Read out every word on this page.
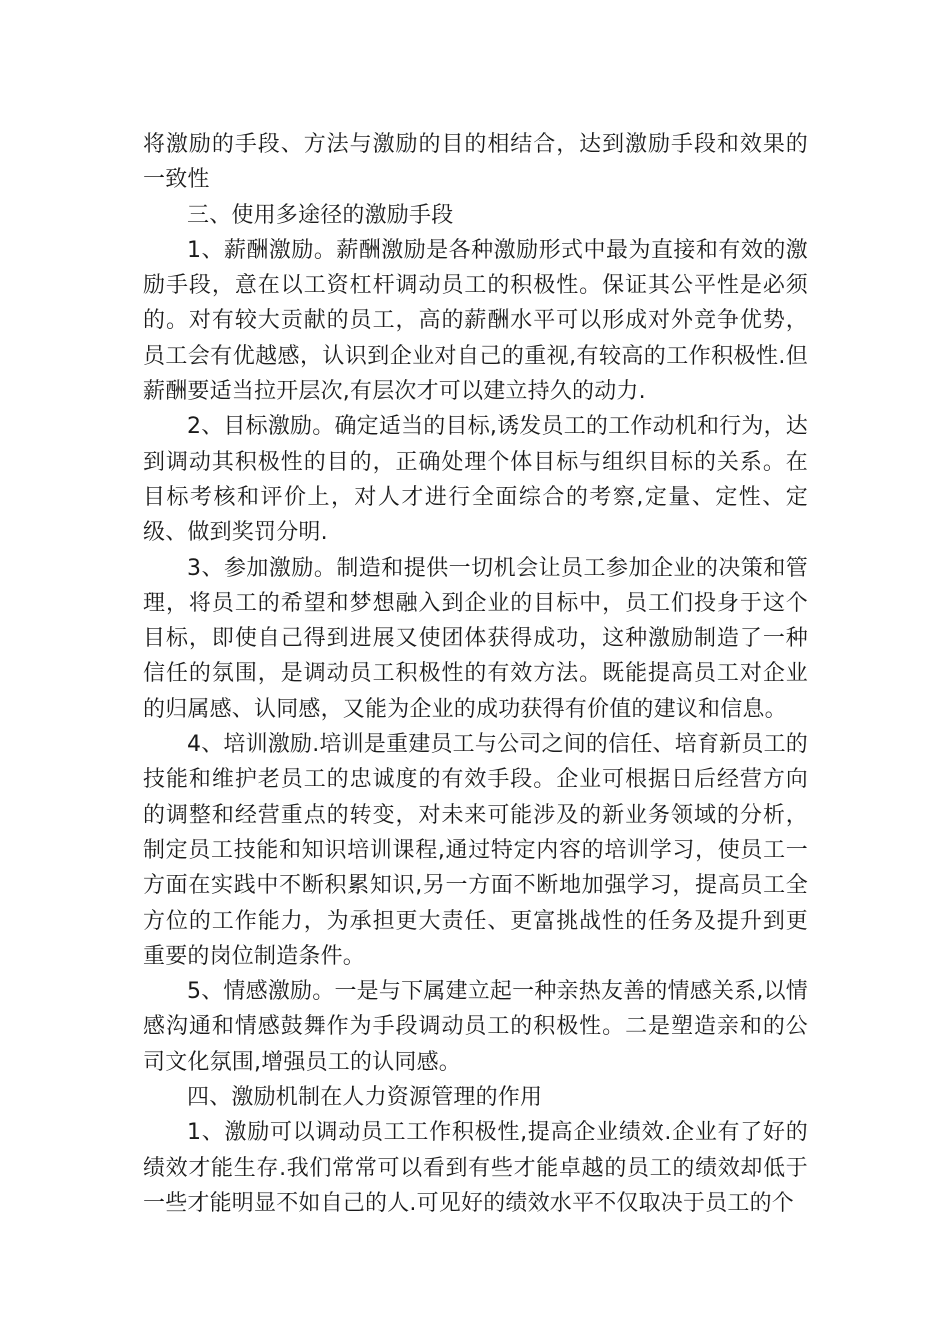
将激励的手段、方法与激励的目的相结合，达到激励手段和效果的一致性

三、使用多途径的激励手段

1、薪酬激励。薪酬激励是各种激励形式中最为直接和有效的激励手段，意在以工资杠杆调动员工的积极性。保证其公平性是必须的。对有较大贡献的员工，高的薪酬水平可以形成对外竞争优势，员工会有优越感，认识到企业对自己的重视,有较高的工作积极性.但薪酬要适当拉开层次,有层次才可以建立持久的动力.

2、目标激励。确定适当的目标,诱发员工的工作动机和行为，达到调动其积极性的目的，正确处理个体目标与组织目标的关系。在目标考核和评价上，对人才进行全面综合的考察,定量、定性、定级、做到奖罚分明.

3、参加激励。制造和提供一切机会让员工参加企业的决策和管理，将员工的希望和梦想融入到企业的目标中，员工们投身于这个目标，即使自己得到进展又使团体获得成功，这种激励制造了一种信任的氛围，是调动员工积极性的有效方法。既能提高员工对企业的归属感、认同感，又能为企业的成功获得有价值的建议和信息。

4、培训激励.培训是重建员工与公司之间的信任、培育新员工的技能和维护老员工的忠诚度的有效手段。企业可根据日后经营方向的调整和经营重点的转变，对未来可能涉及的新业务领域的分析，制定员工技能和知识培训课程,通过特定内容的培训学习，使员工一方面在实践中不断积累知识,另一方面不断地加强学习，提高员工全方位的工作能力，为承担更大责任、更富挑战性的任务及提升到更重要的岗位制造条件。

5、情感激励。一是与下属建立起一种亲热友善的情感关系,以情感沟通和情感鼓舞作为手段调动员工的积极性。二是塑造亲和的公司文化氛围,增强员工的认同感。

四、激励机制在人力资源管理的作用

1、激励可以调动员工工作积极性,提高企业绩效.企业有了好的绩效才能生存.我们常常可以看到有些才能卓越的员工的绩效却低于一些才能明显不如自己的人.可见好的绩效水平不仅取决于员工的个
